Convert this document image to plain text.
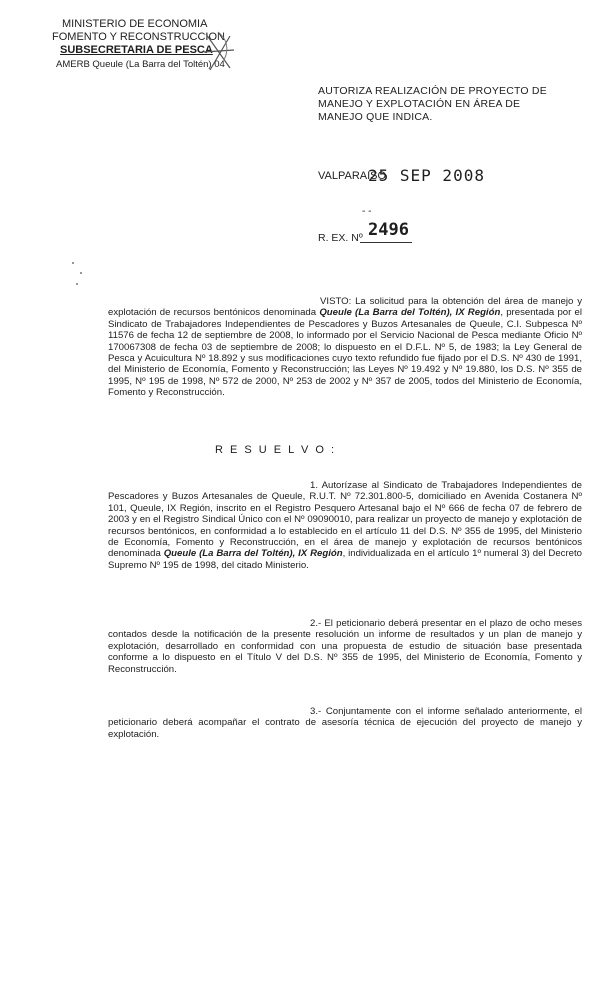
MINISTERIO DE ECONOMIA
FOMENTO Y RECONSTRUCCION
SUBSECRETARIA DE PESCA
AMERB Queule (La Barra del Toltén) 04
AUTORIZA REALIZACIÓN DE PROYECTO DE MANEJO Y EXPLOTACIÓN EN ÁREA DE MANEJO QUE INDICA.
VALPARAISO
25 SEP 2008
- -
R. EX. Nº 2496

VISTO: La solicitud para la obtención del área de manejo y explotación de recursos bentónicos denominada Queule (La Barra del Toltén), IX Región, presentada por el Sindicato de Trabajadores Independientes de Pescadores y Buzos Artesanales de Queule, C.I. Subpesca Nº 11576 de fecha 12 de septiembre de 2008, lo informado por el Servicio Nacional de Pesca mediante Oficio Nº 170067308 de fecha 03 de septiembre de 2008; lo dispuesto en el D.F.L. Nº 5, de 1983; la Ley General de Pesca y Acuicultura Nº 18.892 y sus modificaciones cuyo texto refundido fue fijado por el D.S. Nº 430 de 1991, del Ministerio de Economía, Fomento y Reconstrucción; las Leyes Nº 19.492 y Nº 19.880, los D.S. Nº 355 de 1995, Nº 195 de 1998, Nº 572 de 2000, Nº 253 de 2002 y Nº 357 de 2005, todos del Ministerio de Economía, Fomento y Reconstrucción.

R E S U E L V O :

1. Autorízase al Sindicato de Trabajadores Independientes de Pescadores y Buzos Artesanales de Queule, R.U.T. Nº 72.301.800-5, domiciliado en Avenida Costanera Nº 101, Queule, IX Región, inscrito en el Registro Pesquero Artesanal bajo el Nº 666 de fecha 07 de febrero de 2003 y en el Registro Sindical Único con el Nº 09090010, para realizar un proyecto de manejo y explotación de recursos bentónicos, en conformidad a lo establecido en el artículo 11 del D.S. Nº 355 de 1995, del Ministerio de Economía, Fomento y Reconstrucción, en el área de manejo y explotación de recursos bentónicos denominada Queule (La Barra del Toltén), IX Región, individualizada en el artículo 1º numeral 3) del Decreto Supremo Nº 195 de 1998, del citado Ministerio.

2.- El peticionario deberá presentar en el plazo de ocho meses contados desde la notificación de la presente resolución un informe de resultados y un plan de manejo y explotación, desarrollado en conformidad con una propuesta de estudio de situación base presentada conforme a lo dispuesto en el Título V del D.S. Nº 355 de 1995, del Ministerio de Economía, Fomento y Reconstrucción.

3.- Conjuntamente con el informe señalado anteriormente, el peticionario deberá acompañar el contrato de asesoría técnica de ejecución del proyecto de manejo y explotación.
